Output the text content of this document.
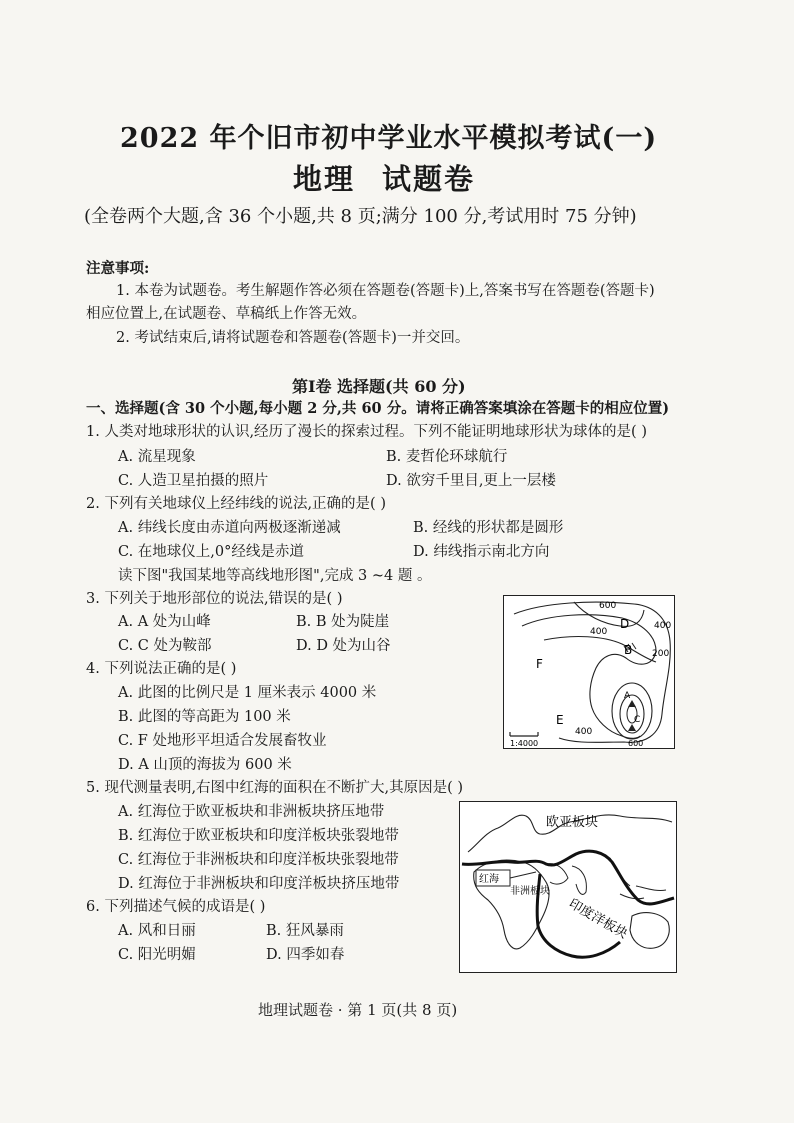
2022 年个旧市初中学业水平模拟考试(一)
地理 试题卷
(全卷两个大题,含 36 个小题,共 8 页;满分 100 分,考试用时 75 分钟)
注意事项:
1. 本卷为试题卷。考生解题作答必须在答题卷(答题卡)上,答案书写在答题卷(答题卡)
相应位置上,在试题卷、草稿纸上作答无效。
2. 考试结束后,请将试题卷和答题卷(答题卡)一并交回。
第Ⅰ卷 选择题(共 60 分)
一、选择题(含 30 个小题,每小题 2 分,共 60 分。请将正确答案填涂在答题卡的相应位置)
1. 人类对地球形状的认识,经历了漫长的探索过程。下列不能证明地球形状为球体的是( )
A. 流星现象	B. 麦哲伦环球航行
C. 人造卫星拍摄的照片	D. 欲穷千里目,更上一层楼
2. 下列有关地球仪上经纬线的说法,正确的是( )
A. 纬线长度由赤道向两极逐渐递减	B. 经线的形状都是圆形
C. 在地球仪上,0°经线是赤道	D. 纬线指示南北方向
读下图"我国某地等高线地形图",完成 3 ~4 题 。
3. 下列关于地形部位的说法,错误的是( )
A. A 处为山峰	B. B 处为陡崖
C. C 处为鞍部	D. D 处为山谷
4. 下列说法正确的是( )
A. 此图的比例尺是 1 厘米表示 4000 米
B. 此图的等高距为 100 米
C. F 处地形平坦适合发展畜牧业
D. A 山顶的海拔为 600 米
5. 现代测量表明,右图中红海的面积在不断扩大,其原因是( )
A. 红海位于欧亚板块和非洲板块挤压地带
B. 红海位于欧亚板块和印度洋板块张裂地带
C. 红海位于非洲板块和印度洋板块张裂地带
D. 红海位于非洲板块和印度洋板块挤压地带
6. 下列描述气候的成语是( )
A. 风和日丽	B. 狂风暴雨
C. 阳光明媚	D. 四季如春
600
400
400
200
400
600
A
B
C
D
E
F
1:4000
欧亚板块
红海
非洲板块
印度洋板块
地理试题卷 · 第 1 页(共 8 页)
